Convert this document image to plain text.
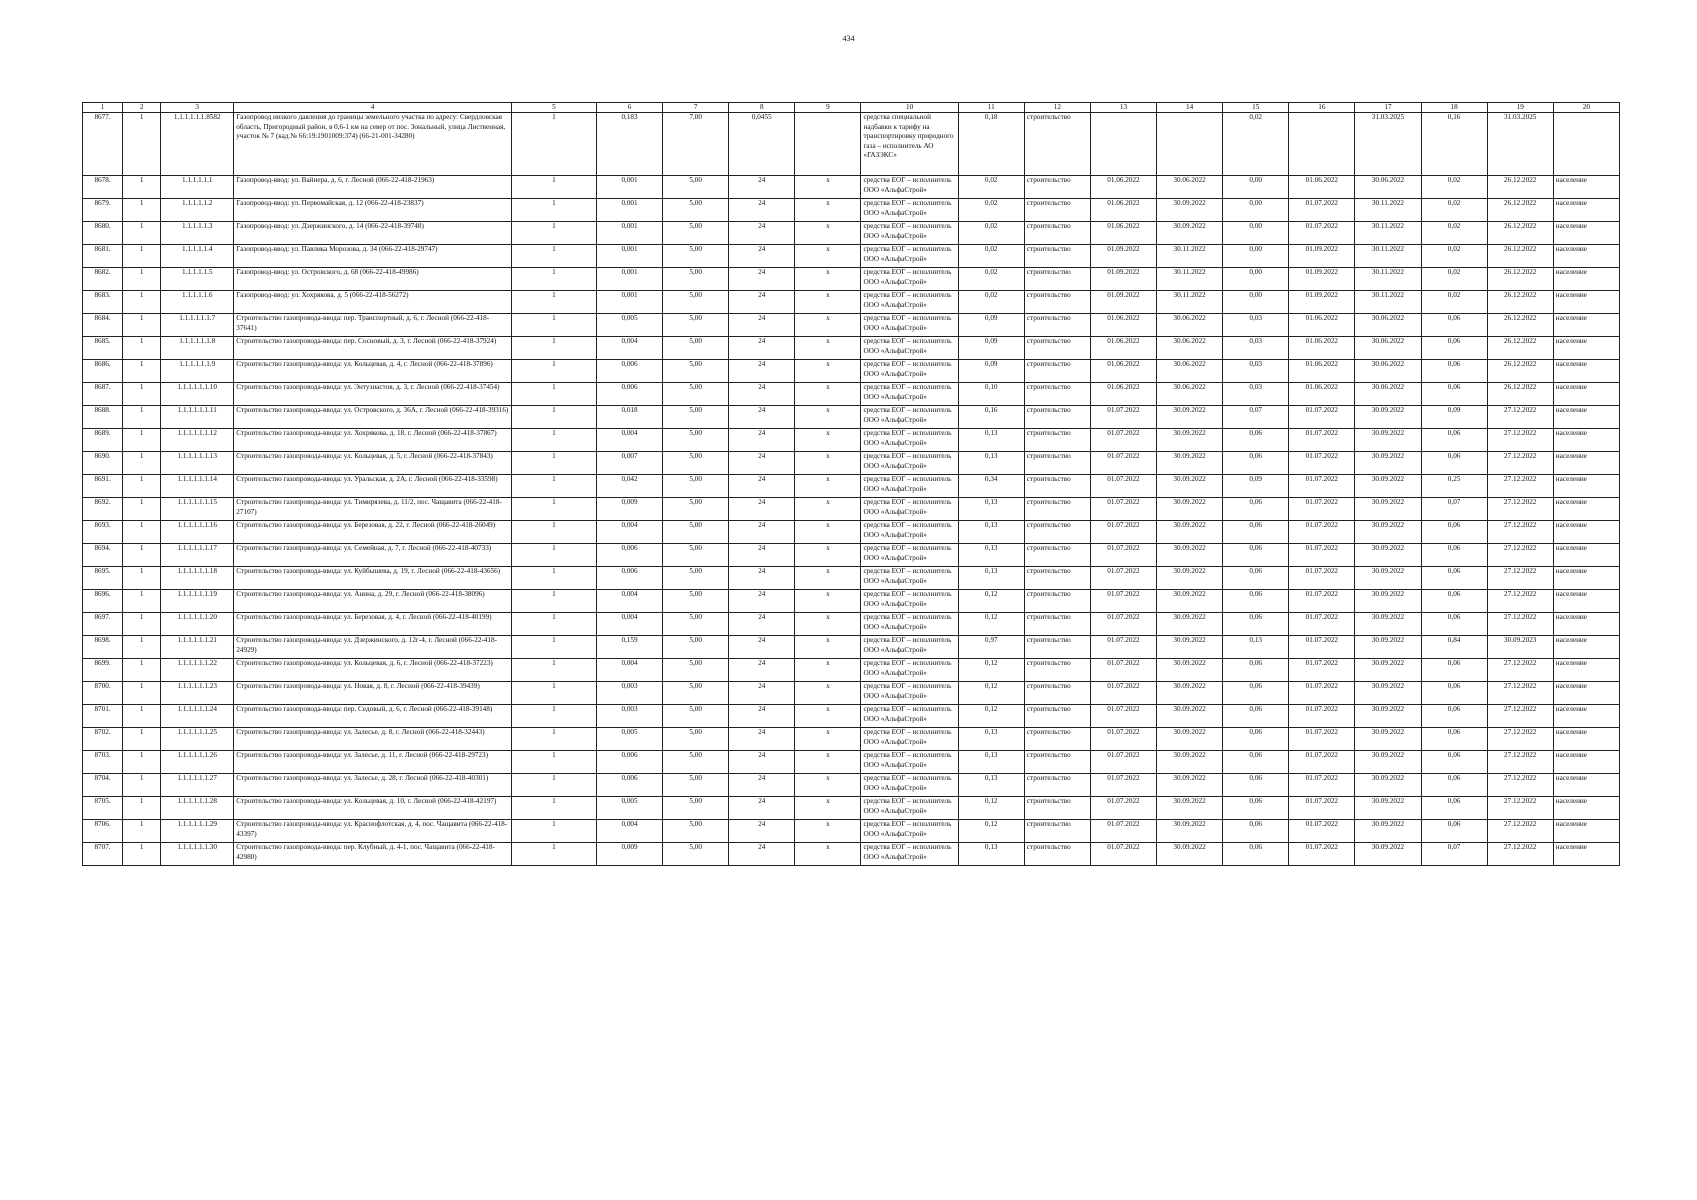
434
1	2	3	4	5	6	7	8	9	10	11	12	13	14	15	16	17	18	19	20
8677.	1	1.1.1.1.1.1.8582	Газопровод низкого давления до границы земельного участка по адресу: Свердловская область, Пригородный район, в 0,6-1 км на север от пос. Зональный, улица Лиственная, участок № 7 (кад.№ 66:19:1901009:374) (66-21-001-34280)	1	0,183	7,00	0,0455		средства специальной надбавки к тарифу на транспортировку природного газа – исполнитель АО «ГАЗЭКС»	0,18	строительство			0,02		31.03.2025	0,16	31.03.2025	
8678.	1	1.1.1.1.1.1	Газопровод-ввод: ул. Вайнера, д. 6, г. Лесной (066-22-418-21963)	1	0,001	5,00	24	х	средства ЕОГ – исполнитель ООО «АльфаСтрой»	0,02	строительство	01.06.2022	30.06.2022	0,00	01.06.2022	30.06.2022	0,02	26.12.2022	население
8679.	1	1.1.1.1.1.2	Газопровод-ввод: ул. Первомайская, д. 12 (066-22-418-23837)	1	0,001	5,00	24	х	средства ЕОГ – исполнитель ООО «АльфаСтрой»	0,02	строительство	01.06.2022	30.09.2022	0,00	01.07.2022	30.11.2022	0,02	26.12.2022	население
8680.	1	1.1.1.1.1.3	Газопровод-ввод: ул. Дзержинского, д. 14 (066-22-418-39748)	1	0,001	5,00	24	х	средства ЕОГ – исполнитель ООО «АльфаСтрой»	0,02	строительство	01.06.2022	30.09.2022	0,00	01.07.2022	30.11.2022	0,02	26.12.2022	население
8681.	1	1.1.1.1.1.4	Газопровод-ввод: ул. Павлика Морозова, д. 34 (066-22-418-29747)	1	0,001	5,00	24	х	средства ЕОГ – исполнитель ООО «АльфаСтрой»	0,02	строительство	01.09.2022	30.11.2022	0,00	01.09.2022	30.11.2022	0,02	26.12.2022	население
8682.	1	1.1.1.1.1.5	Газопровод-ввод: ул. Островского, д. 68 (066-22-418-49986)	1	0,001	5,00	24	х	средства ЕОГ – исполнитель ООО «АльфаСтрой»	0,02	строительство	01.09.2022	30.11.2022	0,00	01.09.2022	30.11.2022	0,02	26.12.2022	население
8683.	1	1.1.1.1.1.6	Газопровод-ввод: ул. Хохрякова, д. 5 (066-22-418-56272)	1	0,001	5,00	24	х	средства ЕОГ – исполнитель ООО «АльфаСтрой»	0,02	строительство	01.09.2022	30.11.2022	0,00	01.09.2022	30.11.2022	0,02	26.12.2022	население
8684.	1	1.1.1.1.1.1.7	Строительство газопровода-ввода: пер. Транспортный, д. 6, г. Лесной (066-22-418-37641)	1	0,005	5,00	24	х	средства ЕОГ – исполнитель ООО «АльфаСтрой»	0,09	строительство	01.06.2022	30.06.2022	0,03	01.06.2022	30.06.2022	0,06	26.12.2022	население
8685.	1	1.1.1.1.1.1.8	Строительство газопровода-ввода: пер. Сосновый, д. 3, г. Лесной (066-22-418-37924)	1	0,004	5,00	24	х	средства ЕОГ – исполнитель ООО «АльфаСтрой»	0,09	строительство	01.06.2022	30.06.2022	0,03	01.06.2022	30.06.2022	0,06	26.12.2022	население
8686.	1	1.1.1.1.1.1.9	Строительство газопровода-ввода: ул. Кольцевая, д. 4, г. Лесной (066-22-418-37896)	1	0,006	5,00	24	х	средства ЕОГ – исполнитель ООО «АльфаСтрой»	0,09	строительство	01.06.2022	30.06.2022	0,03	01.06.2022	30.06.2022	0,06	26.12.2022	население
8687.	1	1.1.1.1.1.1.10	Строительство газопровода-ввода: ул. Энтузиастов, д. 3, г. Лесной (066-22-418-37454)	1	0,006	5,00	24	х	средства ЕОГ – исполнитель ООО «АльфаСтрой»	0,10	строительство	01.06.2022	30.06.2022	0,03	01.06.2022	30.06.2022	0,06	26.12.2022	население
8688.	1	1.1.1.1.1.1.11	Строительство газопровода-ввода: ул. Островского, д. 36А, г. Лесной (066-22-418-39316)	1	0,018	5,00	24	х	средства ЕОГ – исполнитель ООО «АльфаСтрой»	0,16	строительство	01.07.2022	30.09.2022	0,07	01.07.2022	30.09.2022	0,09	27.12.2022	население
8689.	1	1.1.1.1.1.1.12	Строительство газопровода-ввода: ул. Хохрякова, д. 18, г. Лесной (066-22-418-37867)	1	0,004	5,00	24	х	средства ЕОГ – исполнитель ООО «АльфаСтрой»	0,13	строительство	01.07.2022	30.09.2022	0,06	01.07.2022	30.09.2022	0,06	27.12.2022	население
8690.	1	1.1.1.1.1.1.13	Строительство газопровода-ввода: ул. Кольцевая, д. 5, г. Лесной (066-22-418-37843)	1	0,007	5,00	24	х	средства ЕОГ – исполнитель ООО «АльфаСтрой»	0,13	строительство	01.07.2022	30.09.2022	0,06	01.07.2022	30.09.2022	0,06	27.12.2022	население
8691.	1	1.1.1.1.1.1.14	Строительство газопровода-ввода: ул. Уральская, д. 2А, г. Лесной (066-22-418-33598)	1	0,042	5,00	24	х	средства ЕОГ – исполнитель ООО «АльфаСтрой»	0,34	строительство	01.07.2022	30.09.2022	0,09	01.07.2022	30.09.2022	0,25	27.12.2022	население
8692.	1	1.1.1.1.1.1.15	Строительство газопровода-ввода: ул. Тимирязева, д. 11/2, пос. Чащавита (066-22-418-27107)	1	0,009	5,00	24	х	средства ЕОГ – исполнитель ООО «АльфаСтрой»	0,13	строительство	01.07.2022	30.09.2022	0,06	01.07.2022	30.09.2022	0,07	27.12.2022	население
8693.	1	1.1.1.1.1.1.16	Строительство газопровода-ввода: ул. Березовая, д. 22, г. Лесной (066-22-418-26049)	1	0,004	5,00	24	х	средства ЕОГ – исполнитель ООО «АльфаСтрой»	0,13	строительство	01.07.2022	30.09.2022	0,06	01.07.2022	30.09.2022	0,06	27.12.2022	население
8694.	1	1.1.1.1.1.1.17	Строительство газопровода-ввода: ул. Семейная, д. 7, г. Лесной (066-22-418-40733)	1	0,006	5,00	24	х	средства ЕОГ – исполнитель ООО «АльфаСтрой»	0,13	строительство	01.07.2022	30.09.2022	0,06	01.07.2022	30.09.2022	0,06	27.12.2022	население
8695.	1	1.1.1.1.1.1.18	Строительство газопровода-ввода: ул. Куйбышева, д. 19, г. Лесной (066-22-418-43656)	1	0,006	5,00	24	х	средства ЕОГ – исполнитель ООО «АльфаСтрой»	0,13	строительство	01.07.2022	30.09.2022	0,06	01.07.2022	30.09.2022	0,06	27.12.2022	население
8696.	1	1.1.1.1.1.1.19	Строительство газопровода-ввода: ул. Анина, д. 29, г. Лесной (066-22-418-38096)	1	0,004	5,00	24	х	средства ЕОГ – исполнитель ООО «АльфаСтрой»	0,12	строительство	01.07.2022	30.09.2022	0,06	01.07.2022	30.09.2022	0,06	27.12.2022	население
8697.	1	1.1.1.1.1.1.20	Строительство газопровода-ввода: ул. Березовая, д. 4, г. Лесной (066-22-418-40199)	1	0,004	5,00	24	х	средства ЕОГ – исполнитель ООО «АльфаСтрой»	0,12	строительство	01.07.2022	30.09.2022	0,06	01.07.2022	30.09.2022	0,06	27.12.2022	население
8698.	1	1.1.1.1.1.1.21	Строительство газопровода-ввода: ул. Дзержинского, д. 12г-4, г. Лесной (066-22-418-24929)	1	0,159	5,00	24	х	средства ЕОГ – исполнитель ООО «АльфаСтрой»	0,97	строительство	01.07.2022	30.09.2022	0,13	01.07.2022	30.09.2022	0,84	30.09.2023	население
8699.	1	1.1.1.1.1.1.22	Строительство газопровода-ввода: ул. Кольцевая, д. 6, г. Лесной (066-22-418-37223)	1	0,004	5,00	24	х	средства ЕОГ – исполнитель ООО «АльфаСтрой»	0,12	строительство	01.07.2022	30.09.2022	0,06	01.07.2022	30.09.2022	0,06	27.12.2022	население
8700.	1	1.1.1.1.1.1.23	Строительство газопровода-ввода: ул. Новая, д. 8, г. Лесной (066-22-418-39439)	1	0,003	5,00	24	х	средства ЕОГ – исполнитель ООО «АльфаСтрой»	0,12	строительство	01.07.2022	30.09.2022	0,06	01.07.2022	30.09.2022	0,06	27.12.2022	население
8701.	1	1.1.1.1.1.1.24	Строительство газопровода-ввода: пер. Седовый, д. 6, г. Лесной (066-22-418-39148)	1	0,003	5,00	24	х	средства ЕОГ – исполнитель ООО «АльфаСтрой»	0,12	строительство	01.07.2022	30.09.2022	0,06	01.07.2022	30.09.2022	0,06	27.12.2022	население
8702.	1	1.1.1.1.1.1.25	Строительство газопровода-ввода: ул. Залесье, д. 8, г. Лесной (066-22-418-32443)	1	0,005	5,00	24	х	средства ЕОГ – исполнитель ООО «АльфаСтрой»	0,13	строительство	01.07.2022	30.09.2022	0,06	01.07.2022	30.09.2022	0,06	27.12.2022	население
8703.	1	1.1.1.1.1.1.26	Строительство газопровода-ввода: ул. Залесье, д. 11, г. Лесной (066-22-418-29723)	1	0,006	5,00	24	х	средства ЕОГ – исполнитель ООО «АльфаСтрой»	0,13	строительство	01.07.2022	30.09.2022	0,06	01.07.2022	30.09.2022	0,06	27.12.2022	население
8704.	1	1.1.1.1.1.1.27	Строительство газопровода-ввода: ул. Залесье, д. 28, г. Лесной (066-22-418-40301)	1	0,006	5,00	24	х	средства ЕОГ – исполнитель ООО «АльфаСтрой»	0,13	строительство	01.07.2022	30.09.2022	0,06	01.07.2022	30.09.2022	0,06	27.12.2022	население
8705.	1	1.1.1.1.1.1.28	Строительство газопровода-ввода: ул. Кольцевая, д. 10, г. Лесной (066-22-418-42197)	1	0,005	5,00	24	х	средства ЕОГ – исполнитель ООО «АльфаСтрой»	0,12	строительство	01.07.2022	30.09.2022	0,06	01.07.2022	30.09.2022	0,06	27.12.2022	население
8706.	1	1.1.1.1.1.1.29	Строительство газопровода-ввода: ул. Краснофлотская, д. 4, пос. Чащавита (066-22-418-43397)	1	0,004	5,00	24	х	средства ЕОГ – исполнитель ООО «АльфаСтрой»	0,12	строительство	01.07.2022	30.09.2022	0,06	01.07.2022	30.09.2022	0,06	27.12.2022	население
8707.	1	1.1.1.1.1.1.30	Строительство газопровода-ввода: пер. Клубный, д. 4-1, пос. Чащавита (066-22-418-42980)	1	0,009	5,00	24	х	средства ЕОГ – исполнитель ООО «АльфаСтрой»	0,13	строительство	01.07.2022	30.09.2022	0,06	01.07.2022	30.09.2022	0,07	27.12.2022	население
